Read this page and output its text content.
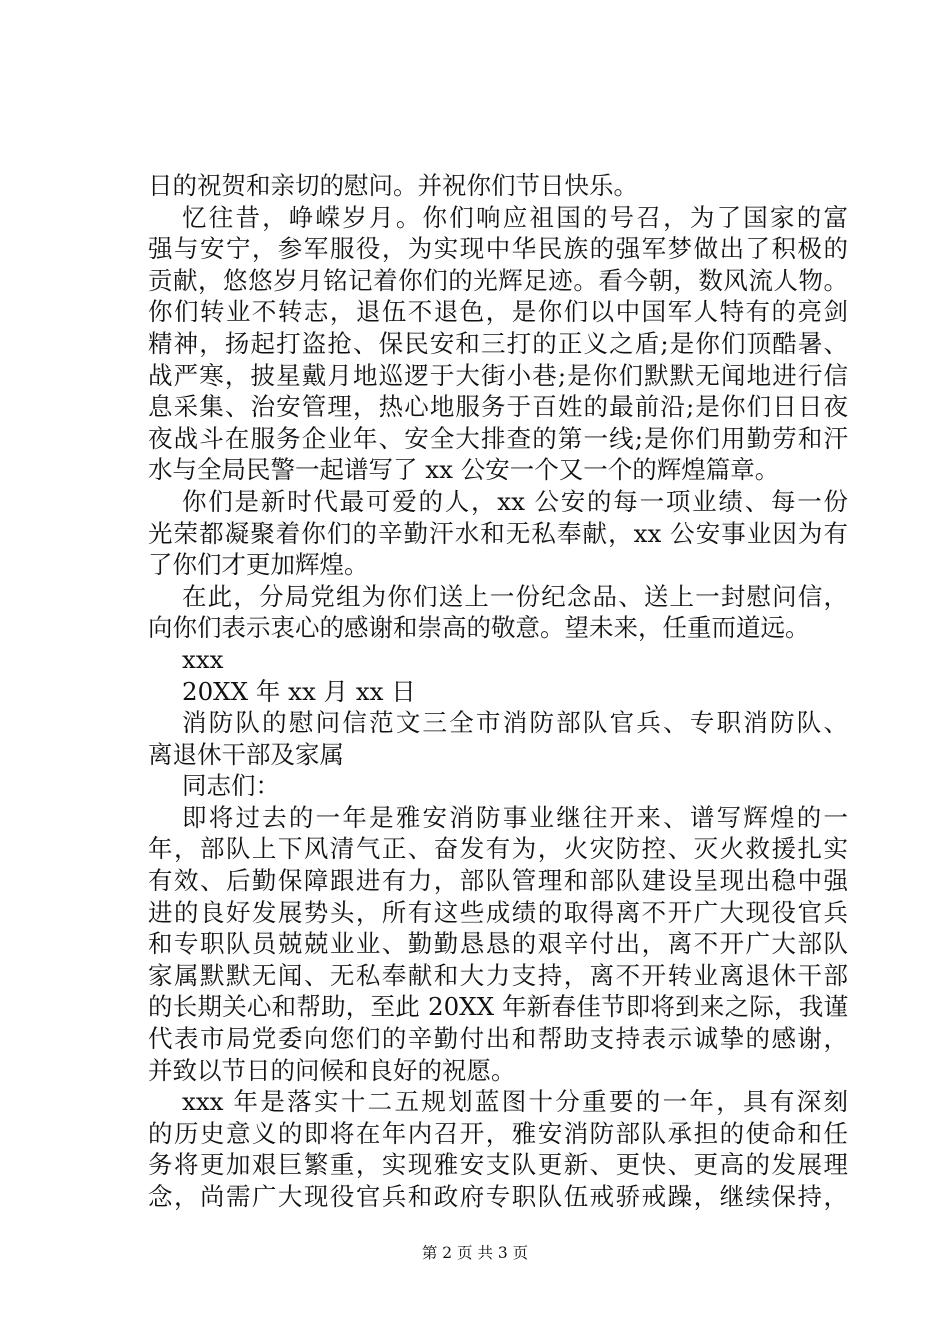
日的祝贺和亲切的慰问。并祝你们节日快乐。
忆往昔，峥嵘岁月。你们响应祖国的号召，为了国家的富
强与安宁，参军服役，为实现中华民族的强军梦做出了积极的
贡献，悠悠岁月铭记着你们的光辉足迹。看今朝，数风流人物。
你们转业不转志，退伍不退色，是你们以中国军人特有的亮剑
精神，扬起打盗抢、保民安和三打的正义之盾;是你们顶酷暑、
战严寒，披星戴月地巡逻于大街小巷;是你们默默无闻地进行信
息采集、治安管理，热心地服务于百姓的最前沿;是你们日日夜
夜战斗在服务企业年、安全大排查的第一线;是你们用勤劳和汗
水与全局民警一起谱写了 xx 公安一个又一个的辉煌篇章。
你们是新时代最可爱的人，xx 公安的每一项业绩、每一份
光荣都凝聚着你们的辛勤汗水和无私奉献，xx 公安事业因为有
了你们才更加辉煌。
在此，分局党组为你们送上一份纪念品、送上一封慰问信，
向你们表示衷心的感谢和崇高的敬意。望未来，任重而道远。
xxx
20XX 年 xx 月 xx 日
消防队的慰问信范文三全市消防部队官兵、专职消防队、
离退休干部及家属
同志们：
即将过去的一年是雅安消防事业继往开来、谱写辉煌的一
年，部队上下风清气正、奋发有为，火灾防控、灭火救援扎实
有效、后勤保障跟进有力，部队管理和部队建设呈现出稳中强
进的良好发展势头，所有这些成绩的取得离不开广大现役官兵
和专职队员兢兢业业、勤勤恳恳的艰辛付出，离不开广大部队
家属默默无闻、无私奉献和大力支持，离不开转业离退休干部
的长期关心和帮助，至此 20XX 年新春佳节即将到来之际，我谨
代表市局党委向您们的辛勤付出和帮助支持表示诚挚的感谢，
并致以节日的问候和良好的祝愿。
xxx 年是落实十二五规划蓝图十分重要的一年，具有深刻
的历史意义的即将在年内召开，雅安消防部队承担的使命和任
务将更加艰巨繁重，实现雅安支队更新、更快、更高的发展理
念，尚需广大现役官兵和政府专职队伍戒骄戒躁，继续保持，
第 2 页 共 3 页
